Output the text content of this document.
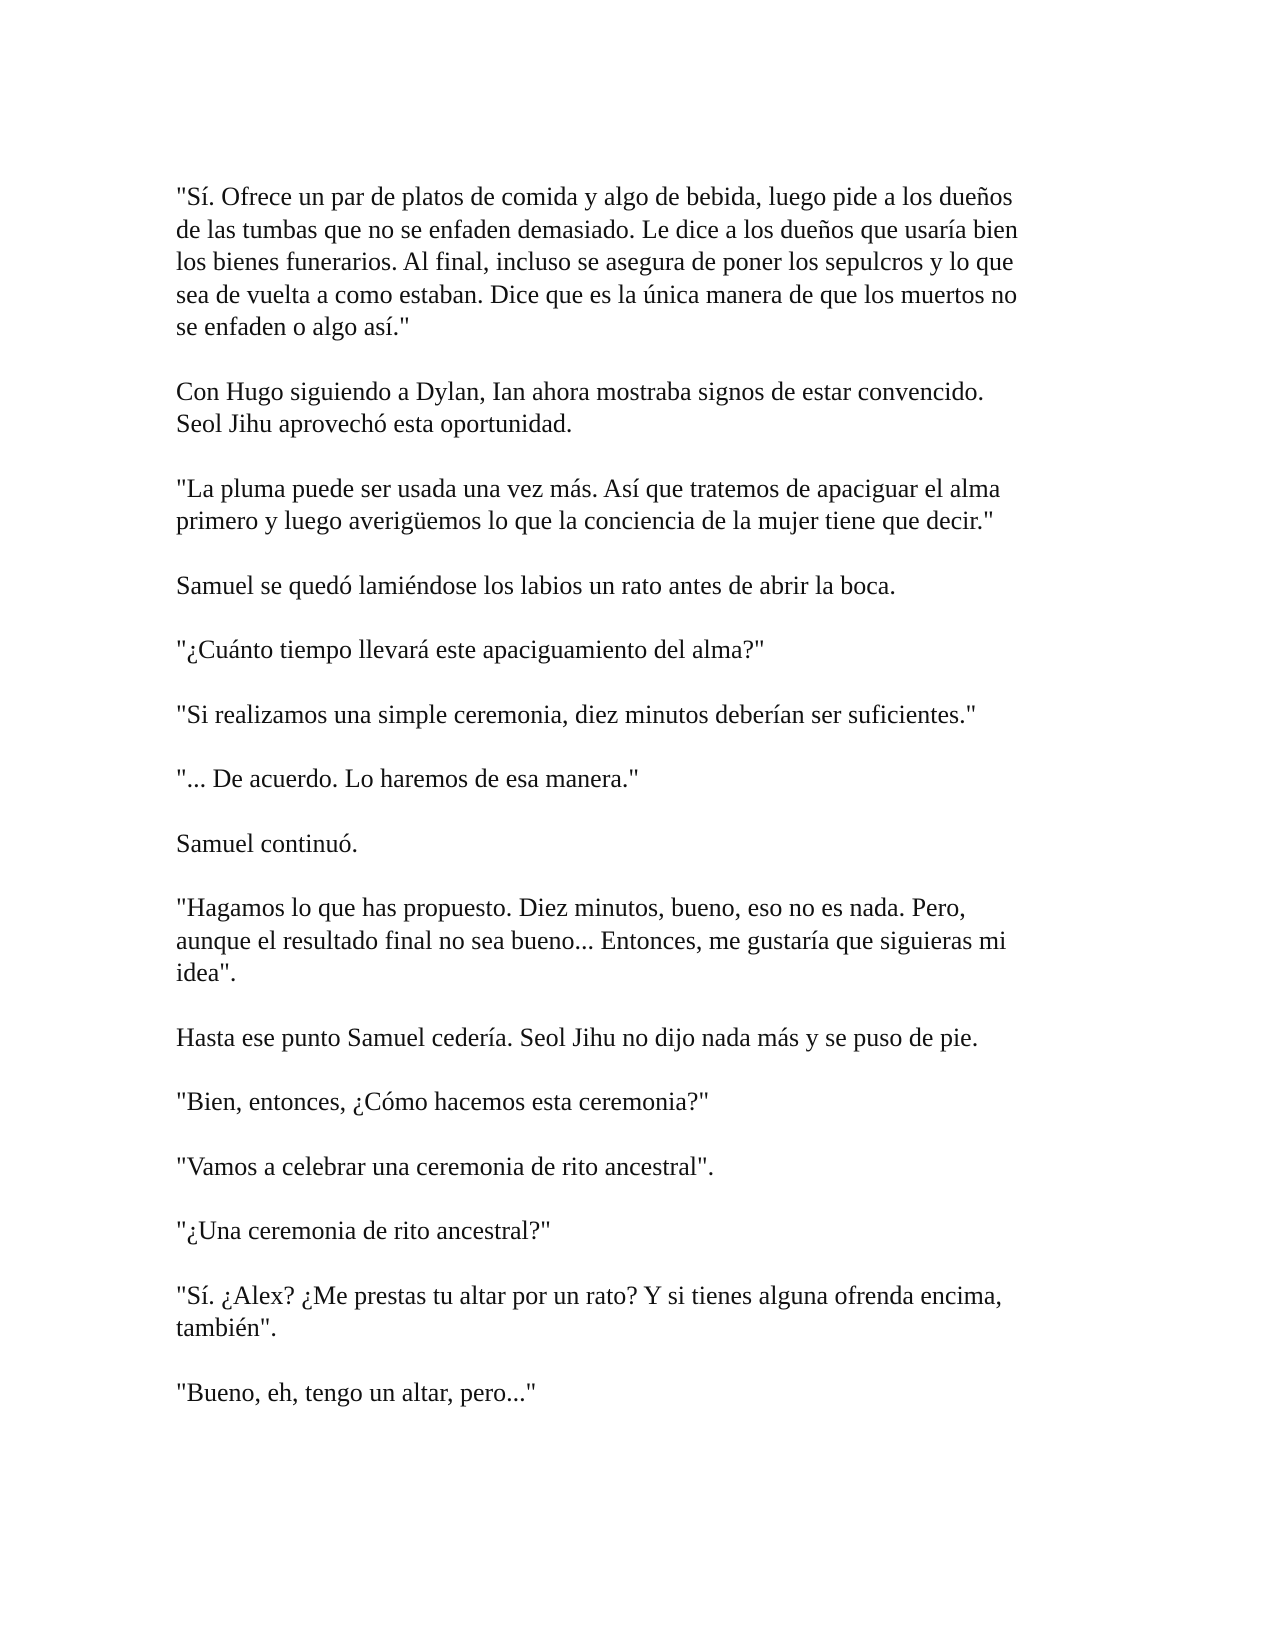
"Sí. Ofrece un par de platos de comida y algo de bebida, luego pide a los dueños
de las tumbas que no se enfaden demasiado. Le dice a los dueños que usaría bien
los bienes funerarios. Al final, incluso se asegura de poner los sepulcros y lo que
sea de vuelta a como estaban. Dice que es la única manera de que los muertos no
se enfaden o algo así."

Con Hugo siguiendo a Dylan, Ian ahora mostraba signos de estar convencido.
Seol Jihu aprovechó esta oportunidad.

"La pluma puede ser usada una vez más. Así que tratemos de apaciguar el alma
primero y luego averigüemos lo que la conciencia de la mujer tiene que decir."

Samuel se quedó lamiéndose los labios un rato antes de abrir la boca.

"¿Cuánto tiempo llevará este apaciguamiento del alma?"

"Si realizamos una simple ceremonia, diez minutos deberían ser suficientes."

"... De acuerdo. Lo haremos de esa manera."

Samuel continuó.

"Hagamos lo que has propuesto. Diez minutos, bueno, eso no es nada. Pero,
aunque el resultado final no sea bueno... Entonces, me gustaría que siguieras mi
idea".

Hasta ese punto Samuel cedería. Seol Jihu no dijo nada más y se puso de pie.

"Bien, entonces, ¿Cómo hacemos esta ceremonia?"

"Vamos a celebrar una ceremonia de rito ancestral".

"¿Una ceremonia de rito ancestral?"

"Sí. ¿Alex? ¿Me prestas tu altar por un rato? Y si tienes alguna ofrenda encima,
también".

"Bueno, eh, tengo un altar, pero..."
